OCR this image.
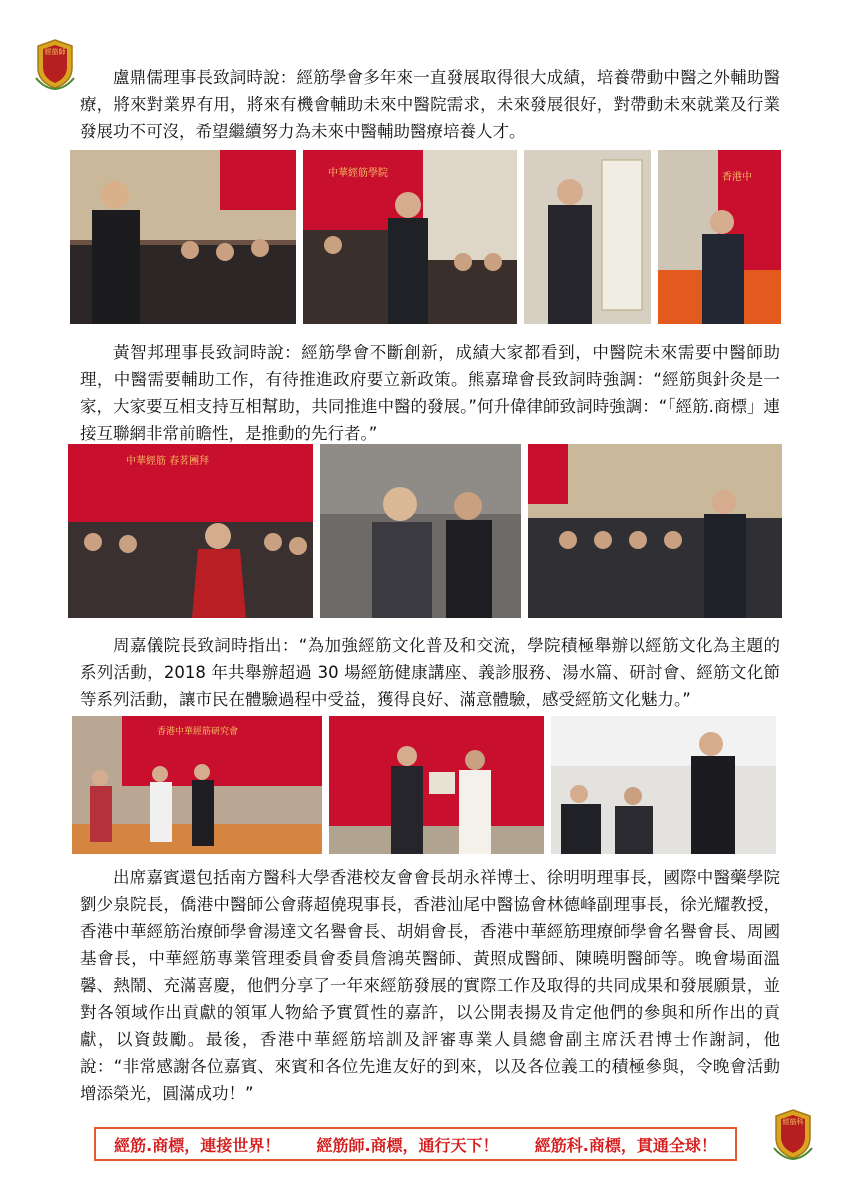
經筋師

盧鼎儒理事長致詞時說：經筋學會多年來一直發展取得很大成績，培養帶動中醫之外輔助醫療，將來對業界有用，將來有機會輔助未來中醫院需求，未來發展很好，對帶動未來就業及行業發展功不可沒，希望繼續努力為未來中醫輔助醫療培養人才。

中華經筋學院	香港中

黃智邦理事長致詞時說：經筋學會不斷創新，成績大家都看到，中醫院未來需要中醫師助理，中醫需要輔助工作，有待推進政府要立新政策。熊嘉瑋會長致詞時強調：“經筋與針灸是一家，大家要互相支持互相幫助，共同推進中醫的發展。”何升偉律師致詞時強調：“「經筋.商標」連接互聯網非常前瞻性，是推動的先行者。”

中華經筋 春茗團拜

周嘉儀院長致詞時指出：“為加強經筋文化普及和交流，學院積極舉辦以經筋文化為主題的系列活動，2018 年共舉辦超過 30 場經筋健康講座、義診服務、湯水篇、研討會、經筋文化節等系列活動，讓市民在體驗過程中受益，獲得良好、滿意體驗，感受經筋文化魅力。”

香港中華經筋研究會

出席嘉賓還包括南方醫科大學香港校友會會長胡永祥博士、徐明明理事長，國際中醫藥學院劉少泉院長，僑港中醫師公會蔣超僥現事長，香港汕尾中醫協會林德峰副理事長，徐光耀教授，香港中華經筋治療師學會湯達文名譽會長、胡娟會長，香港中華經筋理療師學會名譽會長、周國基會長，中華經筋專業管理委員會委員詹鴻英醫師、黃照成醫師、陳曉明醫師等。晚會場面溫馨、熱鬧、充滿喜慶，他們分享了一年來經筋發展的實際工作及取得的共同成果和發展願景，並對各領域作出貢獻的領軍人物給予實質性的嘉許，以公開表揚及肯定他們的參與和所作出的貢獻，以資鼓勵。最後，香港中華經筋培訓及評審專業人員總會副主席沃君博士作謝詞，他說：“非常感謝各位嘉賓、來賓和各位先進友好的到來，以及各位義工的積極參與，令晚會活動增添榮光，圓滿成功！”

經筋.商標，連接世界！ 經筋師.商標，通行天下！ 經筋科.商標，貫通全球！
經筋科
